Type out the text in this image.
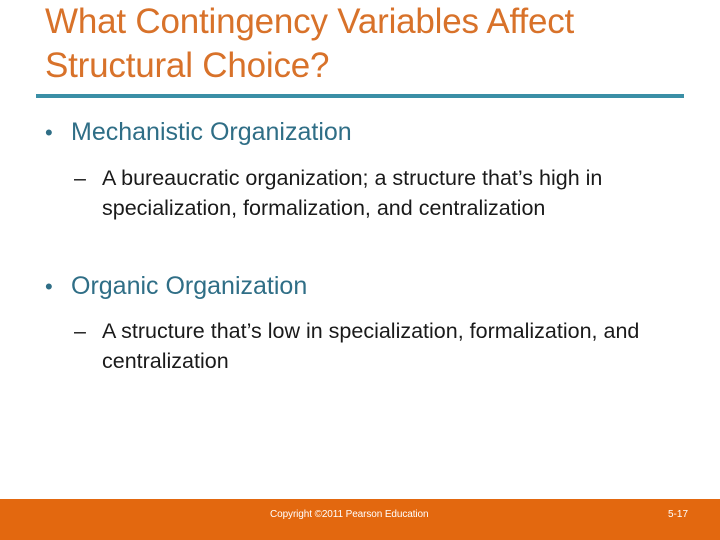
What Contingency Variables Affect Structural Choice?
• Mechanistic Organization
– A bureaucratic organization; a structure that’s high in specialization, formalization, and centralization
• Organic Organization
– A structure that’s low in specialization, formalization, and centralization
Copyright ©2011 Pearson Education	5-17
